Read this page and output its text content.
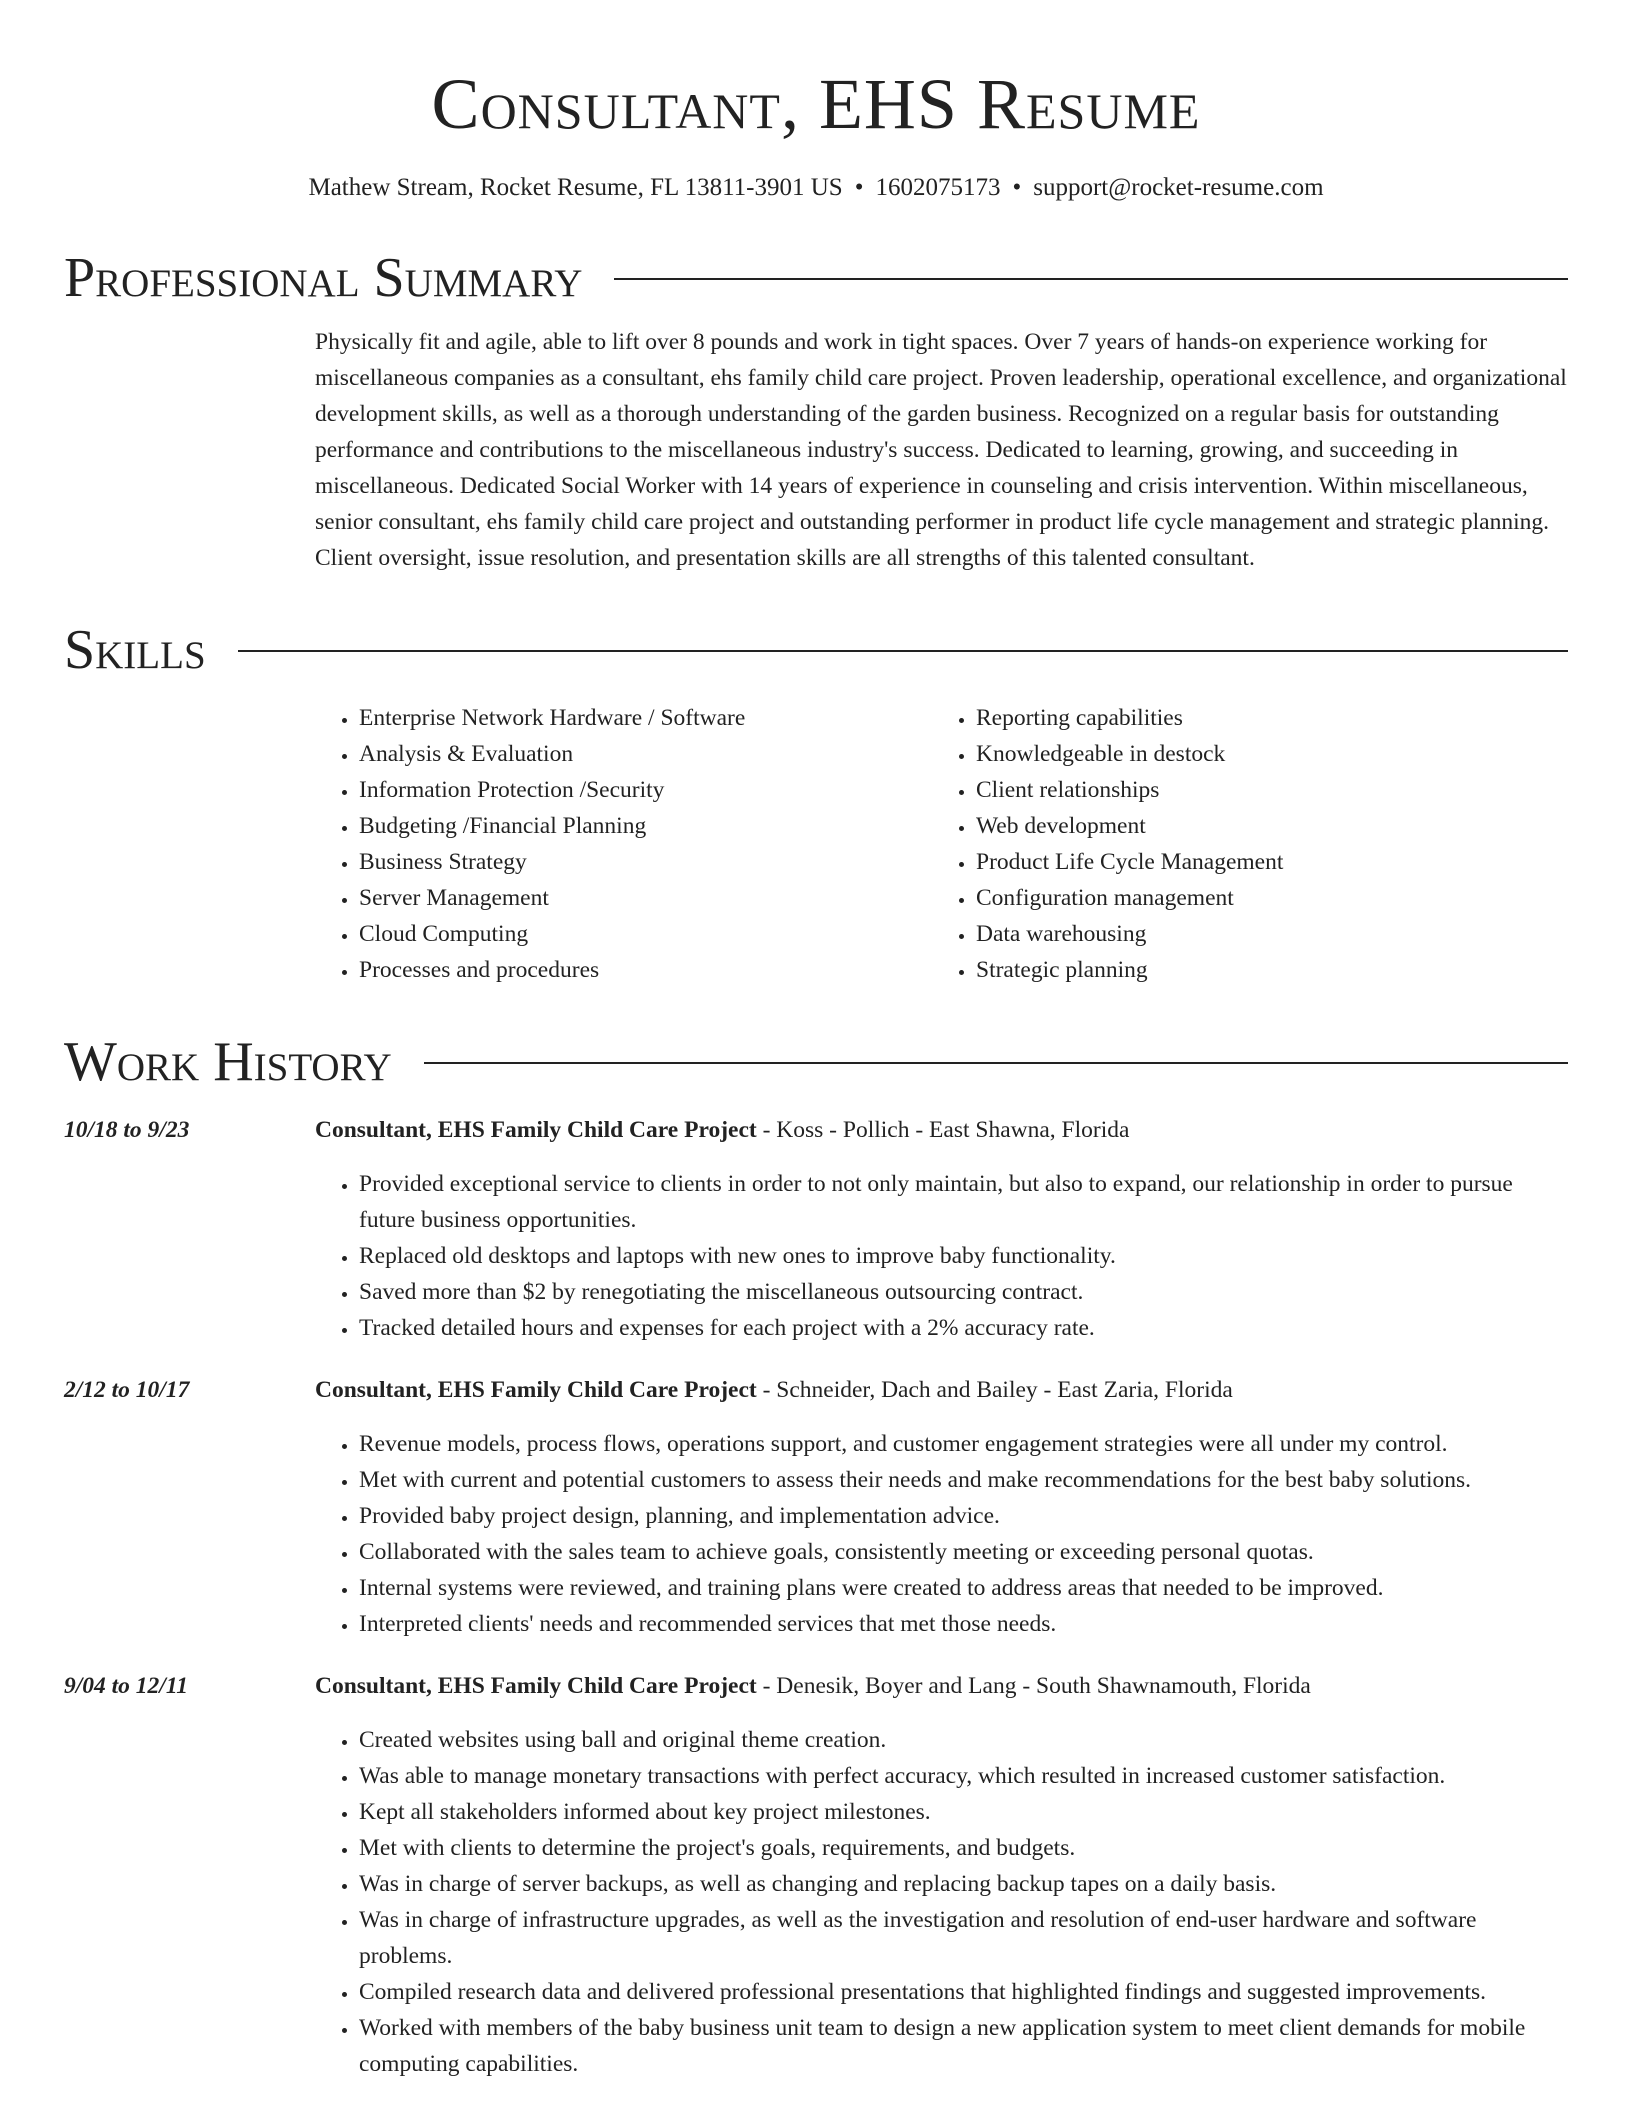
Consultant, EHS Resume
Mathew Stream, Rocket Resume, FL 13811-3901 US • 1602075173 • support@rocket-resume.com
Professional Summary

Physically fit and agile, able to lift over 8 pounds and work in tight spaces. Over 7 years of hands-on experience working for miscellaneous companies as a consultant, ehs family child care project. Proven leadership, operational excellence, and organizational development skills, as well as a thorough understanding of the garden business. Recognized on a regular basis for outstanding performance and contributions to the miscellaneous industry's success. Dedicated to learning, growing, and succeeding in miscellaneous. Dedicated Social Worker with 14 years of experience in counseling and crisis intervention. Within miscellaneous, senior consultant, ehs family child care project and outstanding performer in product life cycle management and strategic planning. Client oversight, issue resolution, and presentation skills are all strengths of this talented consultant.

Skills
• Enterprise Network Hardware / Software
• Analysis & Evaluation
• Information Protection /Security
• Budgeting /Financial Planning
• Business Strategy
• Server Management
• Cloud Computing
• Processes and procedures
• Reporting capabilities
• Knowledgeable in destock
• Client relationships
• Web development
• Product Life Cycle Management
• Configuration management
• Data warehousing
• Strategic planning
Work History
10/18 to 9/23	Consultant, EHS Family Child Care Project - Koss - Pollich - East Shawna, Florida
• Provided exceptional service to clients in order to not only maintain, but also to expand, our relationship in order to pursue future business opportunities.
• Replaced old desktops and laptops with new ones to improve baby functionality.
• Saved more than $2 by renegotiating the miscellaneous outsourcing contract.
• Tracked detailed hours and expenses for each project with a 2% accuracy rate.
2/12 to 10/17	Consultant, EHS Family Child Care Project - Schneider, Dach and Bailey - East Zaria, Florida
• Revenue models, process flows, operations support, and customer engagement strategies were all under my control.
• Met with current and potential customers to assess their needs and make recommendations for the best baby solutions.
• Provided baby project design, planning, and implementation advice.
• Collaborated with the sales team to achieve goals, consistently meeting or exceeding personal quotas.
• Internal systems were reviewed, and training plans were created to address areas that needed to be improved.
• Interpreted clients' needs and recommended services that met those needs.
9/04 to 12/11	Consultant, EHS Family Child Care Project - Denesik, Boyer and Lang - South Shawnamouth, Florida
• Created websites using ball and original theme creation.
• Was able to manage monetary transactions with perfect accuracy, which resulted in increased customer satisfaction.
• Kept all stakeholders informed about key project milestones.
• Met with clients to determine the project's goals, requirements, and budgets.
• Was in charge of server backups, as well as changing and replacing backup tapes on a daily basis.
• Was in charge of infrastructure upgrades, as well as the investigation and resolution of end-user hardware and software problems.
• Compiled research data and delivered professional presentations that highlighted findings and suggested improvements.
• Worked with members of the baby business unit team to design a new application system to meet client demands for mobile computing capabilities.
